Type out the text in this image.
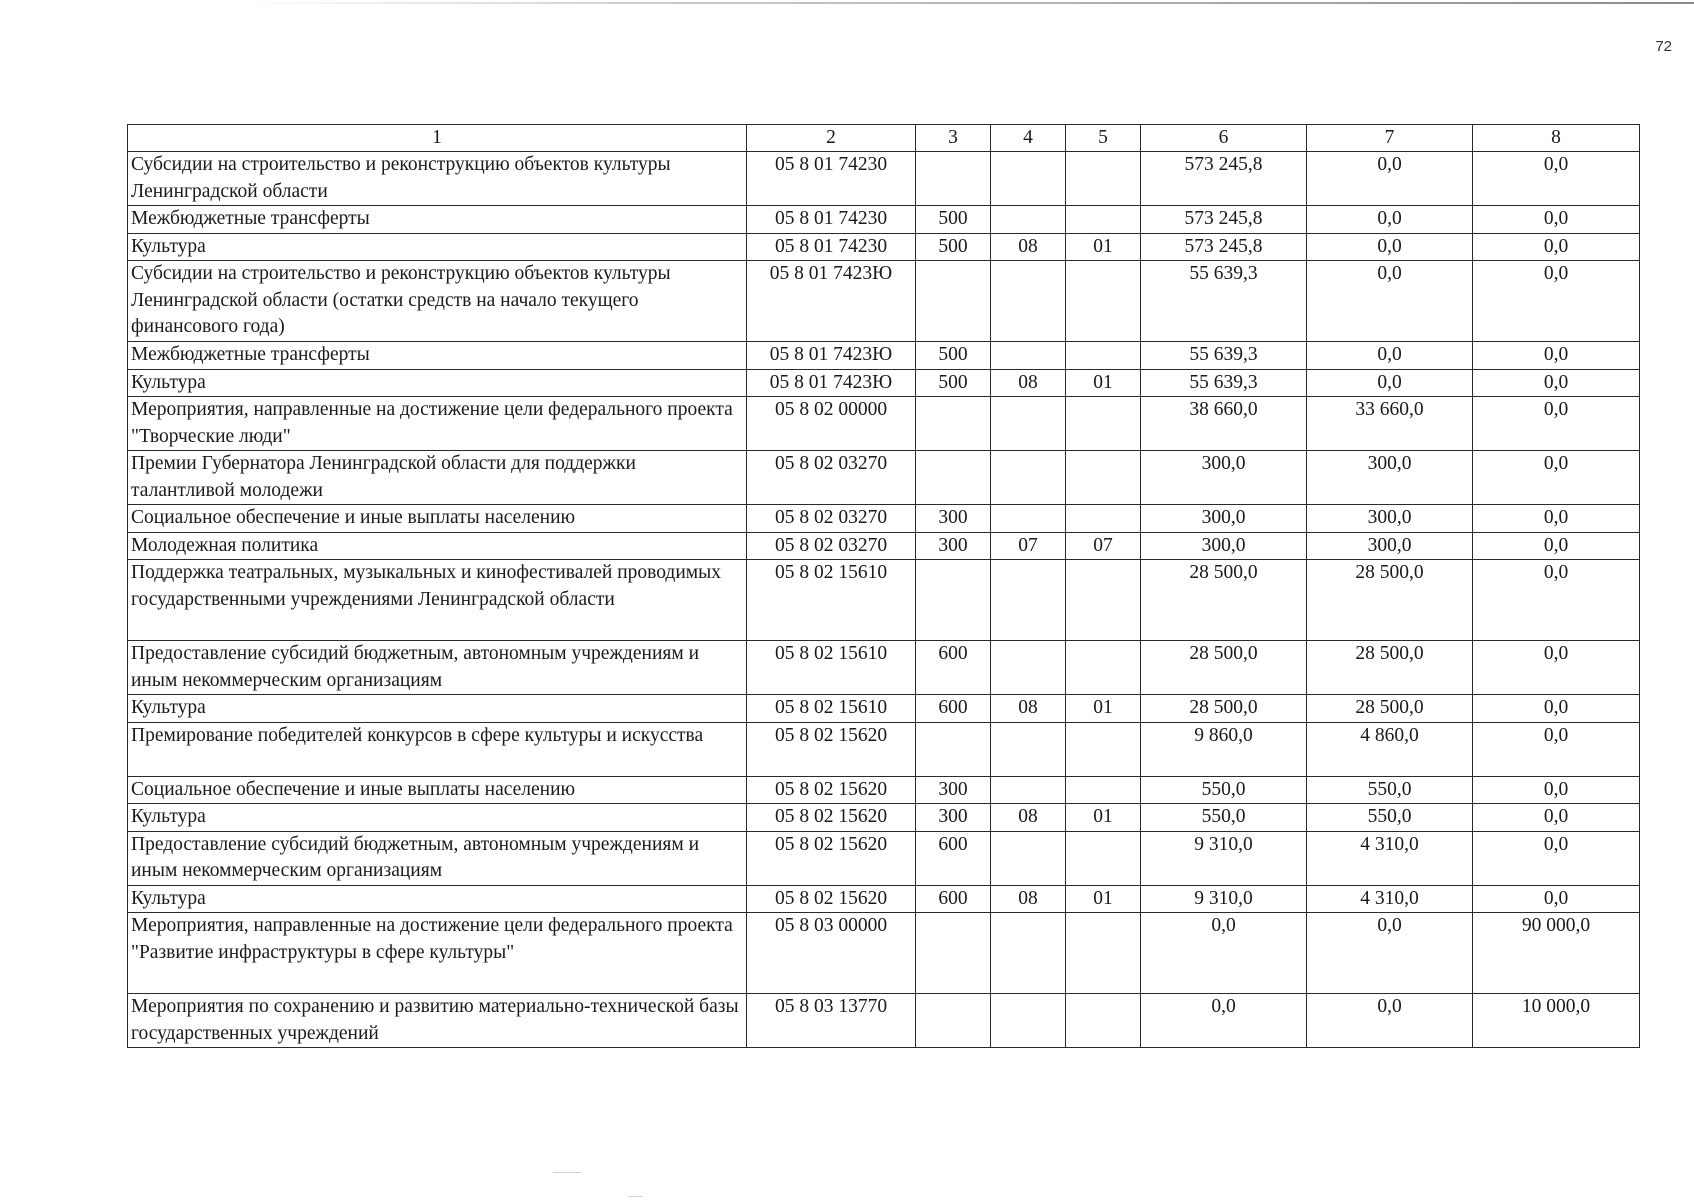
72
1	2	3	4	5	6	7	8
Субсидии на строительство и реконструкцию объектов культуры Ленинградской области	05 8 01 74230				573 245,8	0,0	0,0
Межбюджетные трансферты	05 8 01 74230	500			573 245,8	0,0	0,0
Культура	05 8 01 74230	500	08	01	573 245,8	0,0	0,0
Субсидии на строительство и реконструкцию объектов культуры Ленинградской области (остатки средств на начало текущего финансового года)	05 8 01 7423Ю				55 639,3	0,0	0,0
Межбюджетные трансферты	05 8 01 7423Ю	500			55 639,3	0,0	0,0
Культура	05 8 01 7423Ю	500	08	01	55 639,3	0,0	0,0
Мероприятия, направленные на достижение цели федерального проекта "Творческие люди"	05 8 02 00000				38 660,0	33 660,0	0,0
Премии Губернатора Ленинградской области для поддержки талантливой молодежи	05 8 02 03270				300,0	300,0	0,0
Социальное обеспечение и иные выплаты населению	05 8 02 03270	300			300,0	300,0	0,0
Молодежная политика	05 8 02 03270	300	07	07	300,0	300,0	0,0
Поддержка театральных, музыкальных и кинофестивалей проводимых государственными учреждениями Ленинградской области	05 8 02 15610				28 500,0	28 500,0	0,0
Предоставление субсидий бюджетным, автономным учреждениям и иным некоммерческим организациям	05 8 02 15610	600			28 500,0	28 500,0	0,0
Культура	05 8 02 15610	600	08	01	28 500,0	28 500,0	0,0
Премирование победителей конкурсов в сфере культуры и искусства	05 8 02 15620				9 860,0	4 860,0	0,0
Социальное обеспечение и иные выплаты населению	05 8 02 15620	300			550,0	550,0	0,0
Культура	05 8 02 15620	300	08	01	550,0	550,0	0,0
Предоставление субсидий бюджетным, автономным учреждениям и иным некоммерческим организациям	05 8 02 15620	600			9 310,0	4 310,0	0,0
Культура	05 8 02 15620	600	08	01	9 310,0	4 310,0	0,0
Мероприятия, направленные на достижение цели федерального проекта "Развитие инфраструктуры в сфере культуры"	05 8 03 00000				0,0	0,0	90 000,0
Мероприятия по сохранению и развитию материально-технической базы государственных учреждений	05 8 03 13770				0,0	0,0	10 000,0
